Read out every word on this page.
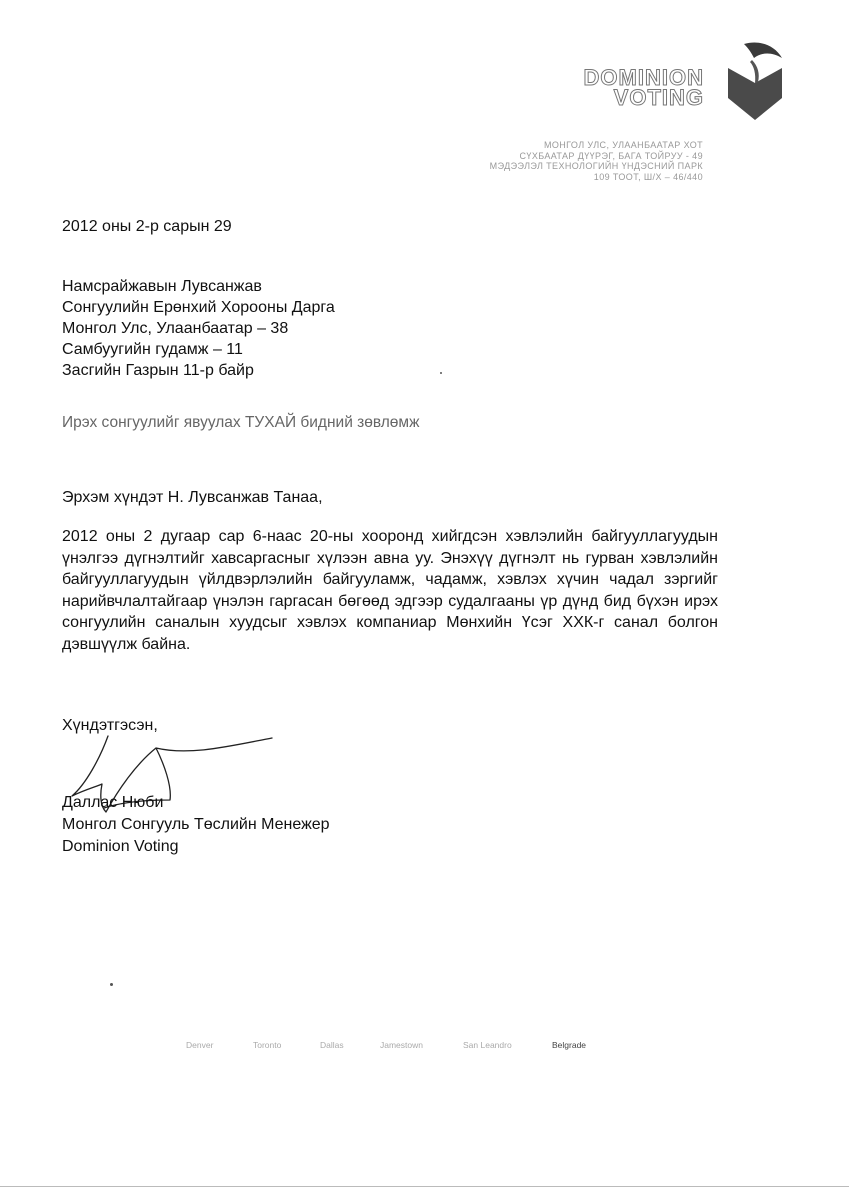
DOMINION
VOTING
МОНГОЛ УЛС, УЛААНБААТАР ХОТ
СҮХБААТАР ДҮҮРЭГ, БАГА ТОЙРУУ - 49
МЭДЭЭЛЭЛ ТЕХНОЛОГИЙН ҮНДЭСНИЙ ПАРК
109 ТООТ, Ш/Х – 46/440
2012 оны 2-р сарын 29
Намсрайжавын Лувсанжав
Сонгуулийн Ерөнхий Хорооны Дарга
Монгол Улс, Улаанбаатар – 38
Самбуугийн гудамж – 11
Засгийн Газрын 11-р байр
Ирэх сонгуулийг явуулах ТУХАЙ бидний зөвлөмж
Эрхэм хүндэт Н. Лувсанжав Танаа,
2012 оны 2 дугаар сар 6-наас 20-ны хооронд хийгдсэн хэвлэлийн байгууллагуудын үнэлгээ дүгнэлтийг хавсаргасныг хүлээн авна уу. Энэхүү дүгнэлт нь гурван хэвлэлийн байгууллагуудын үйлдвэрлэлийн байгууламж, чадамж, хэвлэх хүчин чадал зэргийг нарийвчлалтайгаар үнэлэн гаргасан бөгөөд эдгээр судалгааны үр дүнд бид бүхэн ирэх сонгуулийн саналын хуудсыг хэвлэх компаниар Мөнхийн Үсэг ХХК-г санал болгон дэвшүүлж байна.
Хүндэтгэсэн,
Даллас Нюби
Монгол Сонгууль Төслийн Менежер
Dominion Voting
Denver	Toronto	Dallas	Jamestown	San Leandro	Belgrade
